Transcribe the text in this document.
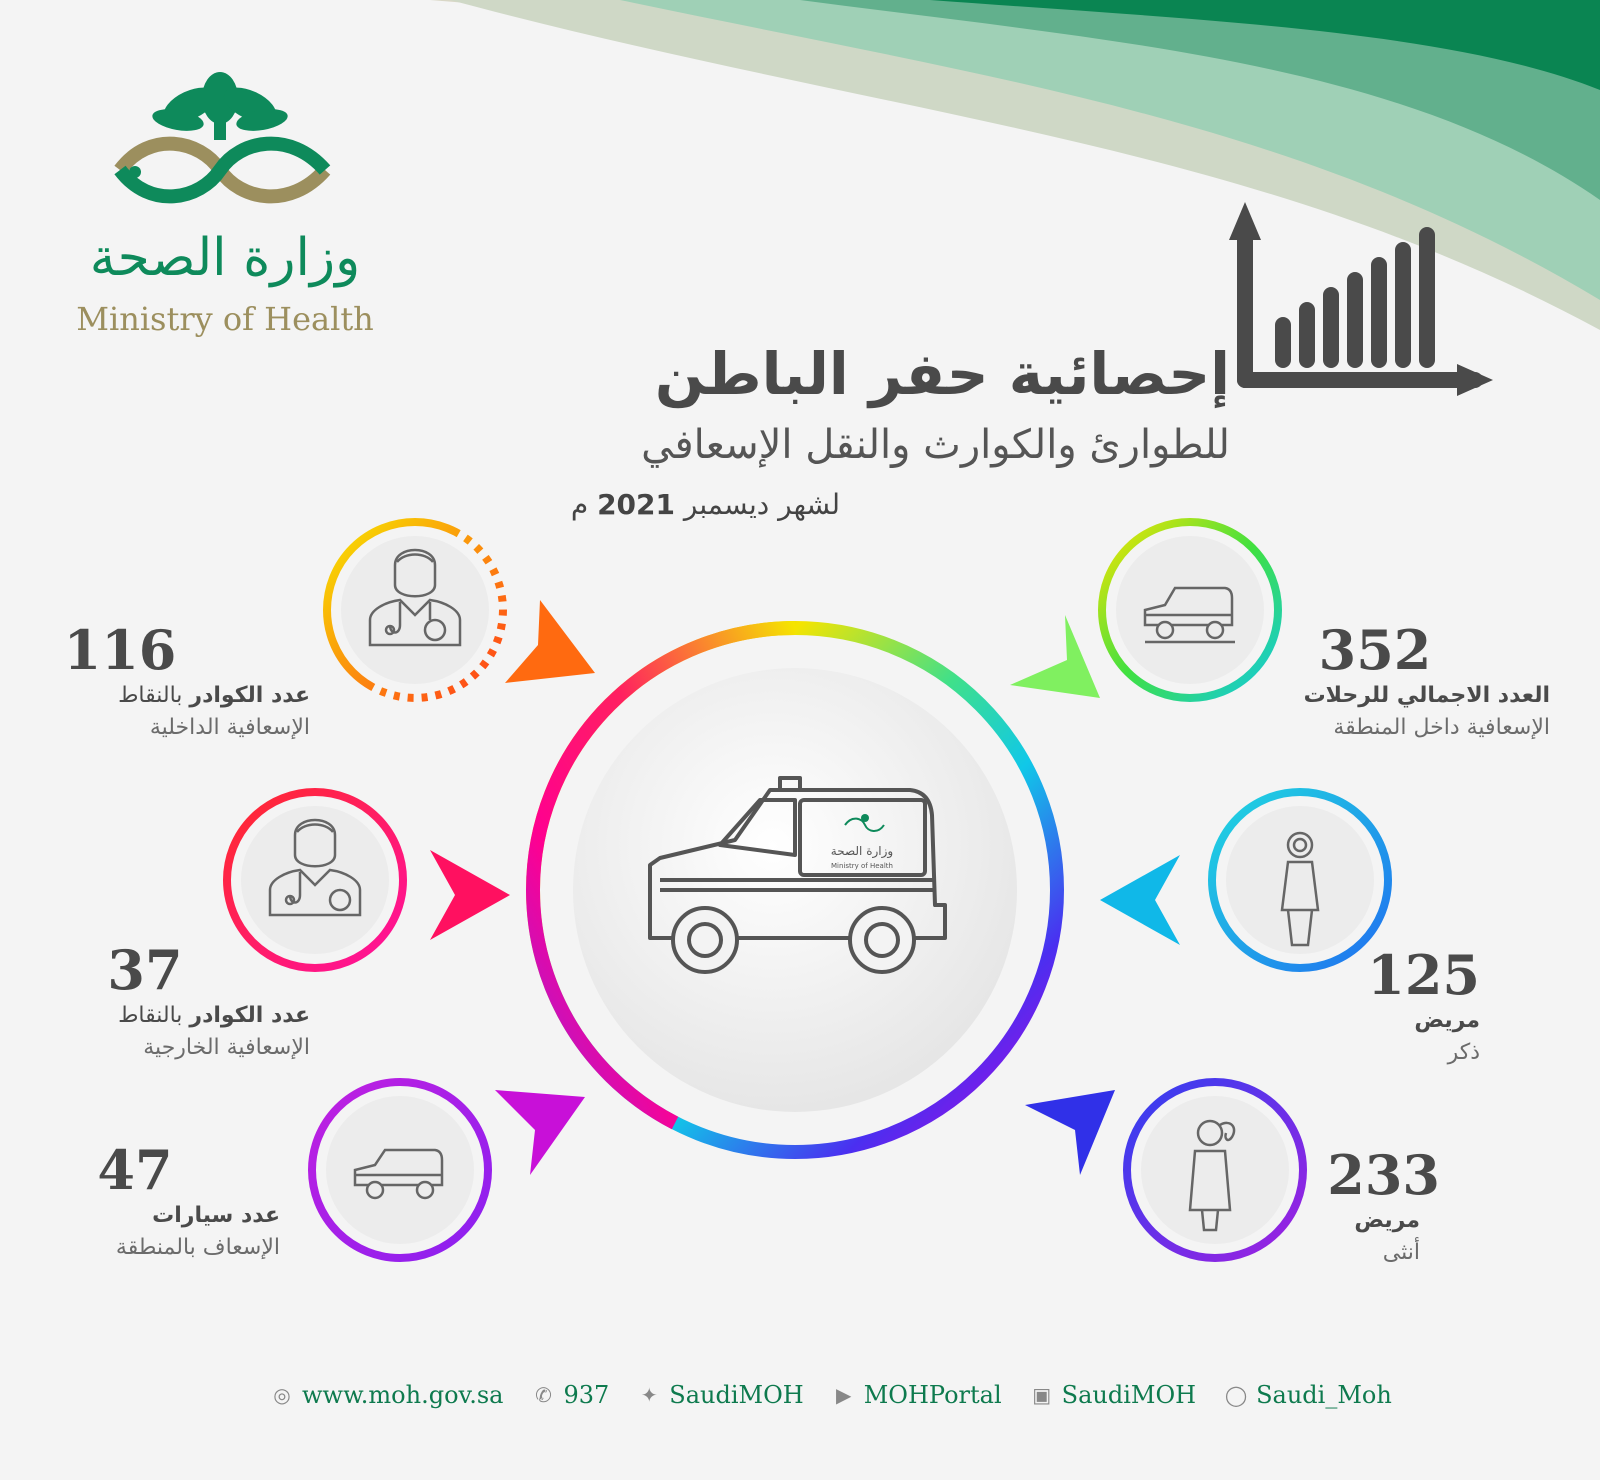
وزارة الصحة
Ministry of Health
إحصائية حفر الباطن
للطوارئ والكوارث والنقل الإسعافي
لشهر ديسمبر 2021 م
وزارة الصحة
Ministry of Health
116
عدد الكوادر بالنقاط
الإسعافية الداخلية
37
عدد الكوادر بالنقاط
الإسعافية الخارجية
47
عدد سيارات
الإسعاف بالمنطقة
352
العدد الاجمالي للرحلات
الإسعافية داخل المنطقة
125
مريض
ذكر
233
مريض
أنثى
◎ www.moh.gov.sa ✆ 937 ✦ SaudiMOH ▶ MOHPortal ▣ SaudiMOH ◯ Saudi_Moh
